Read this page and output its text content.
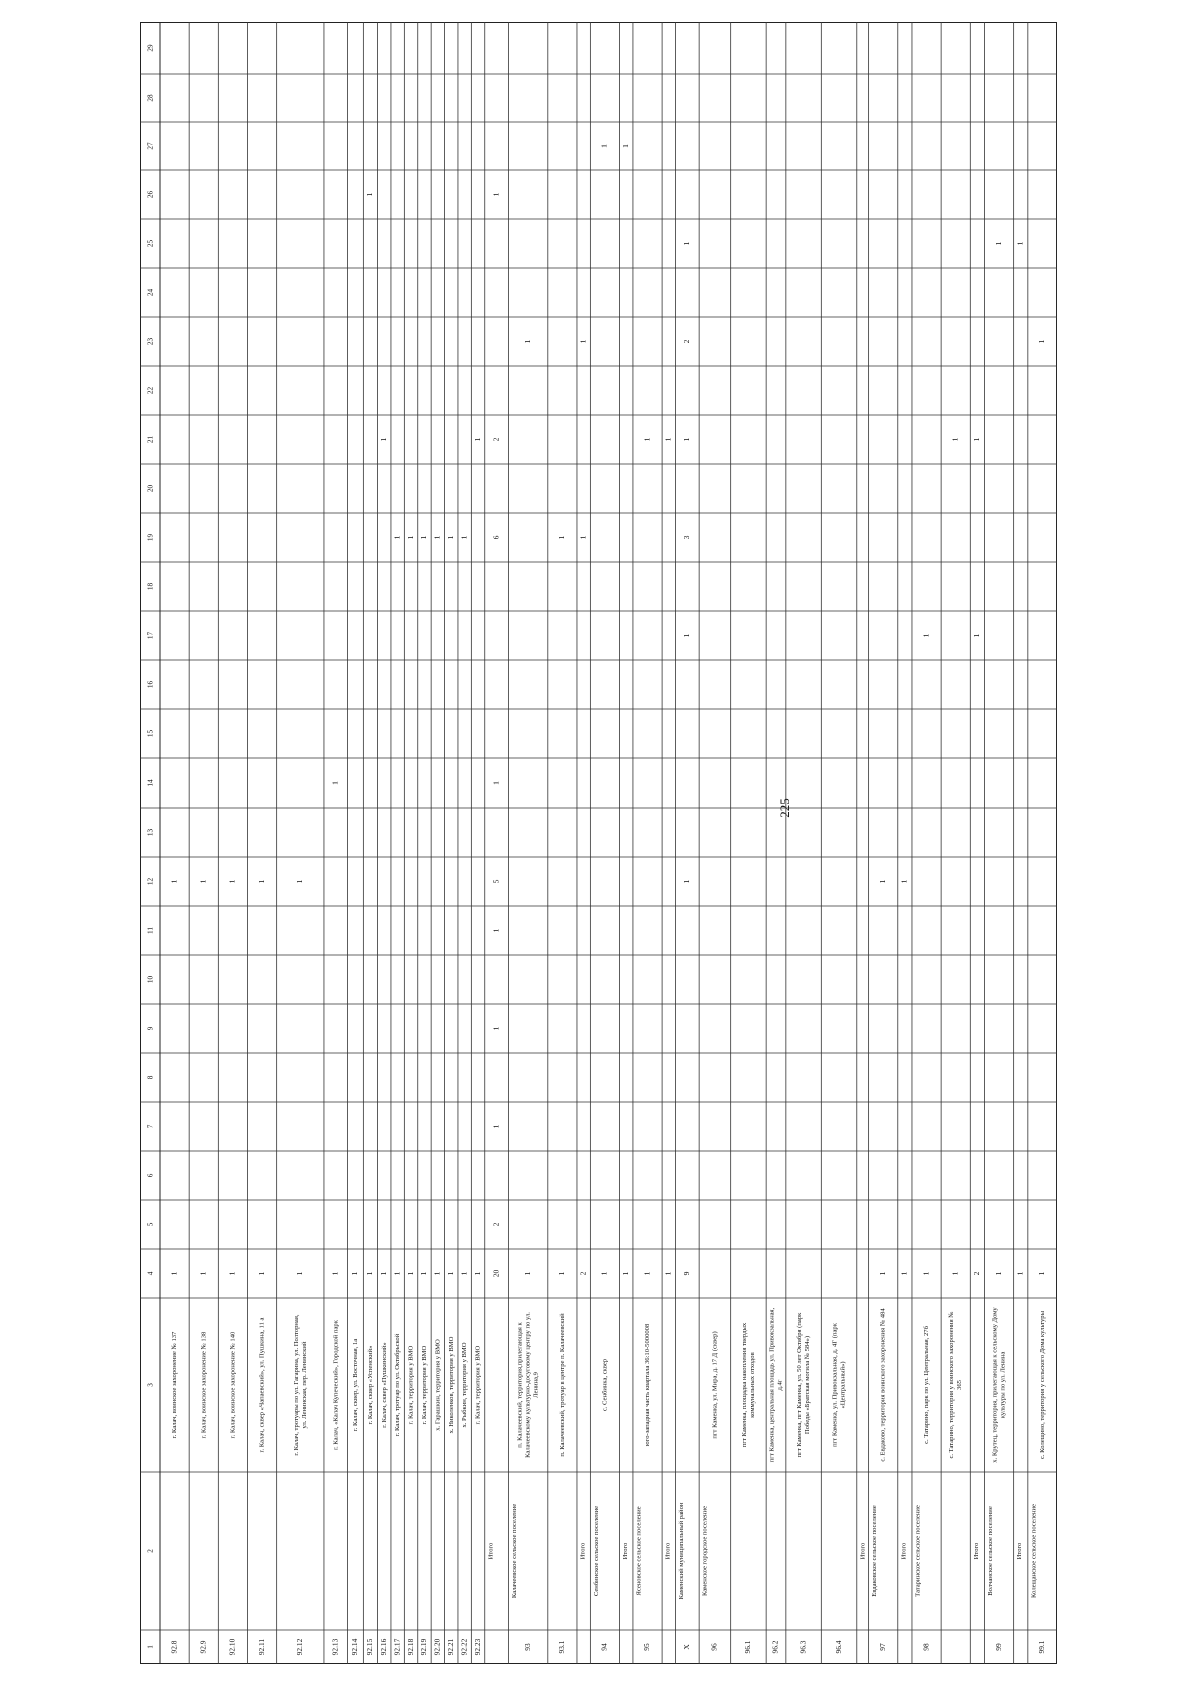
225
1
2
3
4
5
6
7
8
9
10
11
12
13
14
15
16
17
18
19
20
21
22
23
24
25
26
27
28
29
92.8
г. Калач, воинское захоронение № 137
1
1
92.9
г. Калач, воинское захоронение № 138
1
1
92.10
г. Калач, воинское захоронение № 140
1
1
92.11
г. Калач, сквер «Чапаевский», ул. Пушкина, 11 а
1
1
92.12
г. Калач, тротуары по ул. Гагарина, ул. Полторная, ул. Ленинская, пер. Ленинский
1
1
92.13
г. Калач, «Калач Купеческий», Городской парк
1
1
92.14
г. Калач, сквер, ул. Восточная, 1а
1
92.15
г. Калач, сквер «Успенский»
1
1
92.16
г. Калач, сквер «Пушкинский»
1
1
92.17
г. Калач, тротуар по ул. Октябрьской
1
1
92.18
г. Калач, территория у ВМО
1
1
92.19
г. Калач, территория у ВМО
1
1
92.20
х. Гарашкин, территория у ВМО
1
1
92.21
х. Николенков, территория у ВМО
1
1
92.22
х. Рыбкин, территория у ВМО
1
1
92.23
г. Калач, территория у ВМО
1
1
Итого
20
2
1
1
1
5
1
6
2
1
93
Калачеевское сельское поселение
п. Калачеевский, территория,прилегающая к Калачеевскому культурно-досуговому центру по ул. Ленина,9
1
1
93.1
п. Калачеевский, тротуар в центре п. Калачеевский
1
1
Итого
2
1
1
94
Сенбинское сельское поселение
с. Сенбинка, сквер
1
1
Итого
1
1
95
Ясеновское сельское поселение
юго-западная часть квартала 36:10-5000008
1
1
Итого
1
1
X
Каменский муниципальный район
9
1
1
3
1
2
1
96
Каменское городское поселение
пгт Каменка, ул. Мира, д. 17 Д (сквер)
96.1
пгт Каменка, площадка накопления твердых коммунальных отходов
96.2
пгт Каменка, центральная площадь ул. Привокзальная, д.4г
96.3
пгт Каменка, пгт Каменка, ул. 50 лет Октября (парк Победы «Братская могила № 584»)
96.4
пгт Каменка, ул. Привокзальная, д. 4Г (парк «Центральный»)
Итого
97
Евдаковское сельское поселение
с. Евдаково, территория воинского захоронения № 484
1
1
Итого
1
1
98
Татаринское сельское поселение
с. Татарино, парк по ул. Центральная, 27б
1
1
с. Татарино, территория у воинского захоронения № 365
1
1
Итого
2
1
1
99
Волчанское сельское поселение
х. Крутец, территория, прилегающая к сельскому Дому культуры по ул. Ленина
1
1
Итого
1
1
99.1
Колещанское сельское поселение
с. Колещино, территория у сельского Дома культуры
1
1
